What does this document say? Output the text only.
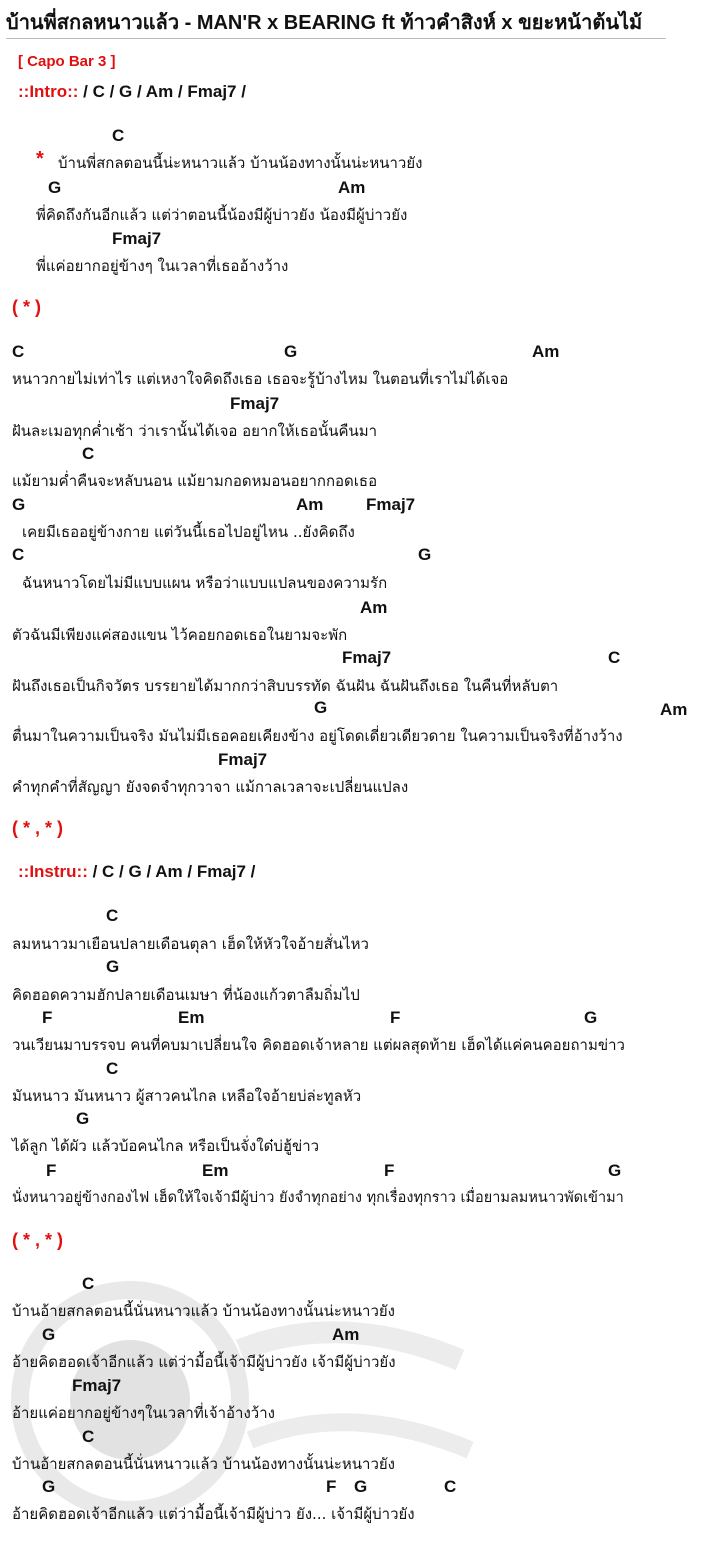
บ้านพี่สกลหนาวแล้ว - MAN'R x BEARING ft ท้าวคำสิงห์ x ขยะหน้าต้นไม้
[ Capo Bar 3 ]
::Intro:: / C / G / Am / Fmaj7 /
C
* บ้านพี่สกลตอนนี้น่ะหนาวแล้ว บ้านน้องทางนั้นน่ะหนาวยัง
G	Am
พี่คิดถึงกันอีกแล้ว แต่ว่าตอนนี้น้องมีผู้บ่าวยัง น้องมีผู้บ่าวยัง
Fmaj7
พี่แค่อยากอยู่ข้างๆ ในเวลาที่เธออ้างว้าง
( * )
C	G	Am
หนาวกายไม่เท่าไร แต่เหงาใจคิดถึงเธอ เธอจะรู้บ้างไหม ในตอนที่เราไม่ได้เจอ
Fmaj7
ฝันละเมอทุกค่ำเช้า ว่าเรานั้นได้เจอ อยากให้เธอนั้นคืนมา
C
แม้ยามค่ำคืนจะหลับนอน แม้ยามกอดหมอนอยากกอดเธอ
G	Am	Fmaj7
เคยมีเธออยู่ข้างกาย แต่วันนี้เธอไปอยู่ไหน ..ยังคิดถึง
C	G
ฉันหนาวโดยไม่มีแบบแผน หรือว่าแบบแปลนของความรัก
Am
ตัวฉันมีเพียงแค่สองแขน ไว้คอยกอดเธอในยามจะพัก
Fmaj7	C
ฝันถึงเธอเป็นกิจวัตร บรรยายได้มากกว่าสิบบรรทัด ฉันฝัน ฉันฝันถึงเธอ ในคืนที่หลับตา
G	Am
ตื่นมาในความเป็นจริง มันไม่มีเธอคอยเคียงข้าง อยู่โดดเดี่ยวเดียวดาย ในความเป็นจริงที่อ้างว้าง
Fmaj7
คำทุกคำที่สัญญา ยังจดจำทุกวาจา แม้กาลเวลาจะเปลี่ยนแปลง
( * , * )
::Instru:: / C / G / Am / Fmaj7 /
C
ลมหนาวมาเยือนปลายเดือนตุลา เฮ็ดให้หัวใจอ้ายสั่นไหว
G
คิดฮอดความฮักปลายเดือนเมษา ที่น้องแก้วตาลืมถิ่มไป
F	Em	F	G
วนเวียนมาบรรจบ คนที่คบมาเปลี่ยนใจ คิดฮอดเจ้าหลาย แต่ผลสุดท้าย เฮ็ดได้แค่คนคอยถามข่าว
C
มันหนาว มันหนาว ผู้สาวคนไกล เหลือใจอ้ายบ่ล่ะทูลหัว
G
ได้ลูก ได้ผัว แล้วบ้อคนไกล หรือเป็นจั่งใด๋บ่ฮู้ข่าว
F	Em	F	G
นั่งหนาวอยู่ข้างกองไฟ เฮ็ดให้ใจเจ้ามีผู้บ่าว ยังจำทุกอย่าง ทุกเรื่องทุกราว เมื่อยามลมหนาวพัดเข้ามา
( * , * )
C
บ้านอ้ายสกลตอนนี้นั่นหนาวแล้ว บ้านน้องทางนั้นน่ะหนาวยัง
G	Am
อ้ายคิดฮอดเจ้าอีกแล้ว แต่ว่ามื้อนี้เจ้ามีผู้บ่าวยัง เจ้ามีผู้บ่าวยัง
Fmaj7
อ้ายแค่อยากอยู่ข้างๆในเวลาที่เจ้าอ้างว้าง
C
บ้านอ้ายสกลตอนนี้นั่นหนาวแล้ว บ้านน้องทางนั้นน่ะหนาวยัง
G	F G	C
อ้ายคิดฮอดเจ้าอีกแล้ว แต่ว่ามื้อนี้เจ้ามีผู้บ่าว ยัง... เจ้ามีผู้บ่าวยัง
